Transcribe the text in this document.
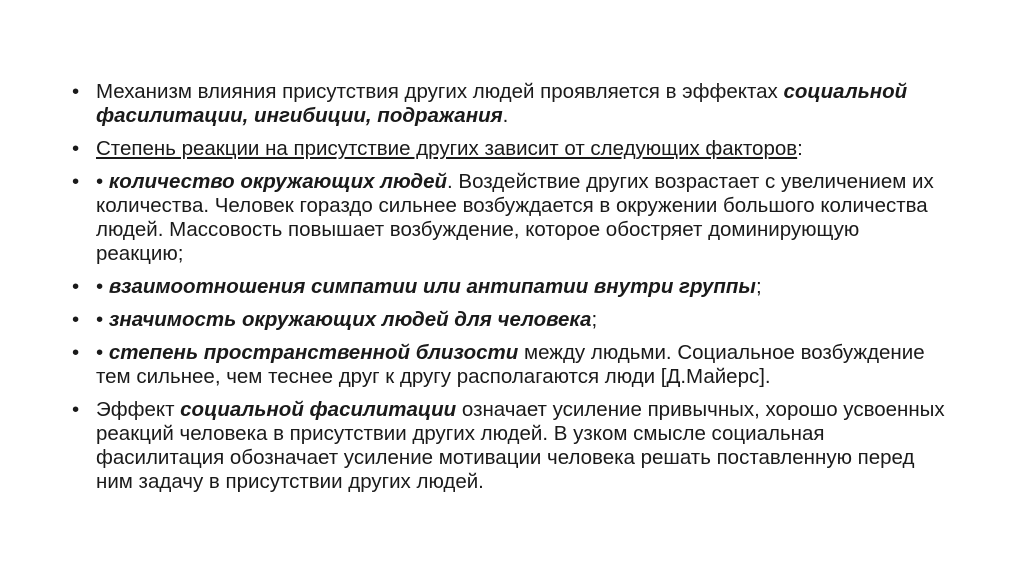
• Механизм влияния присутствия других людей проявляется в эффектах социальной фасилитации, ингибиции, подражания.
• Степень реакции на присутствие других зависит от следующих факторов:
• • количество окружающих людей. Воздействие других возрастает с увеличением их количества. Человек гораздо сильнее возбуждается в окружении большого количества людей. Массовость повышает возбуждение, которое обостряет доминирующую реакцию;
• • взаимоотношения симпатии или антипатии внутри группы;
• • значимость окружающих людей для человека;
• • степень пространственной близости между людьми. Социальное возбуждение тем сильнее, чем теснее друг к другу располагаются люди [Д.Майерс].
• Эффект социальной фасилитации означает усиление привычных, хорошо усвоенных реакций человека в присутствии других людей. В узком смысле социальная фасилитация обозначает усиление мотивации человека решать поставленную перед ним задачу в присутствии других людей.
